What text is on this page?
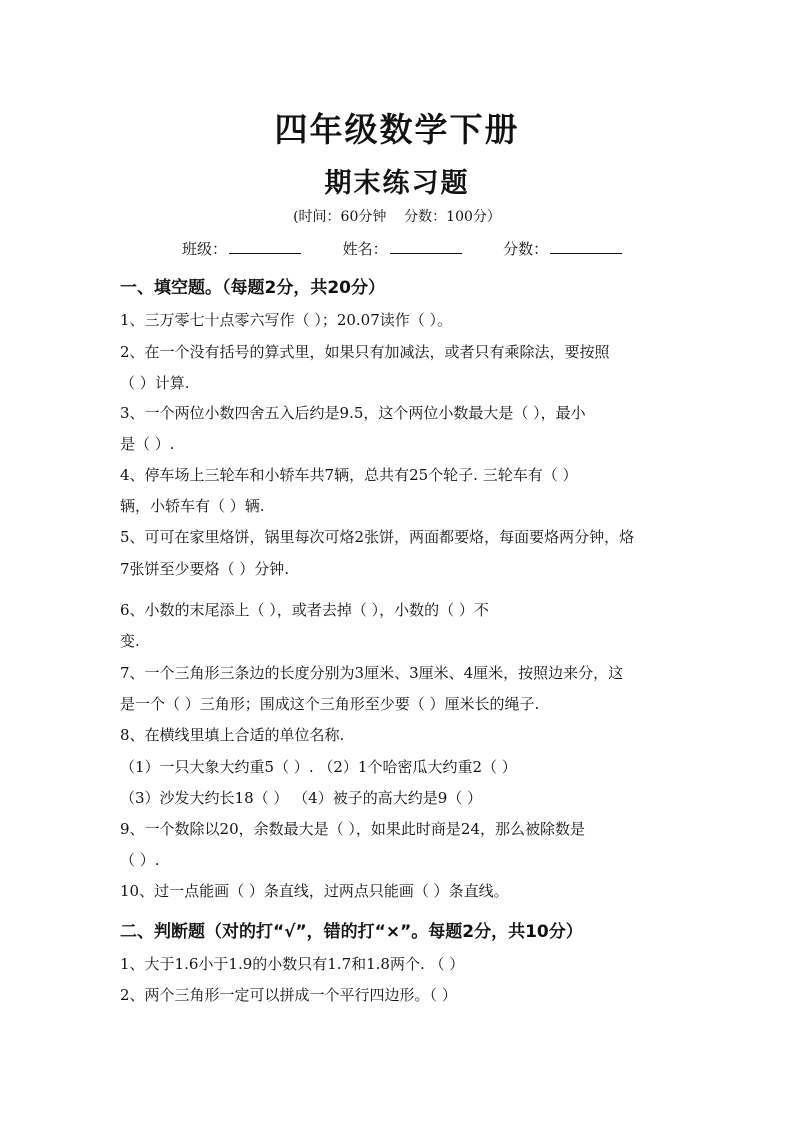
四年级数学下册
期末练习题
(时间：60分钟    分数：100分）
班级：	姓名：	分数：
一、填空题。（每题2分，共20分）
1、三万零七十点零六写作（ ）；20.07读作（ ）。
2、在一个没有括号的算式里，如果只有加减法，或者只有乘除法，要按照
（ ）计算.
3、一个两位小数四舍五入后约是9.5，这个两位小数最大是（ ），最小
是（ ）.
4、停车场上三轮车和小轿车共7辆，总共有25个轮子. 三轮车有（ ）
辆，小轿车有（ ）辆.
5、可可在家里烙饼，锅里每次可烙2张饼，两面都要烙，每面要烙两分钟，烙
7张饼至少要烙（ ）分钟.
6、小数的末尾添上（ ），或者去掉（ ），小数的（ ）不
变.
7、一个三角形三条边的长度分别为3厘米、3厘米、4厘米，按照边来分，这
是一个（ ）三角形；围成这个三角形至少要（ ）厘米长的绳子.
8、在横线里填上合适的单位名称.
（1）一只大象大约重5（ ）. （2）1个哈密瓜大约重2（ ）
（3）沙发大约长18（ ） （4）被子的高大约是9（ ）
9、一个数除以20，余数最大是（ ），如果此时商是24，那么被除数是
（ ）.
10、过一点能画（ ）条直线，过两点只能画（ ）条直线。
二、判断题（对的打“√”，错的打“×”。每题2分，共10分）
1、大于1.6小于1.9的小数只有1.7和1.8两个. （ ）
2、两个三角形一定可以拼成一个平行四边形。（ ）
